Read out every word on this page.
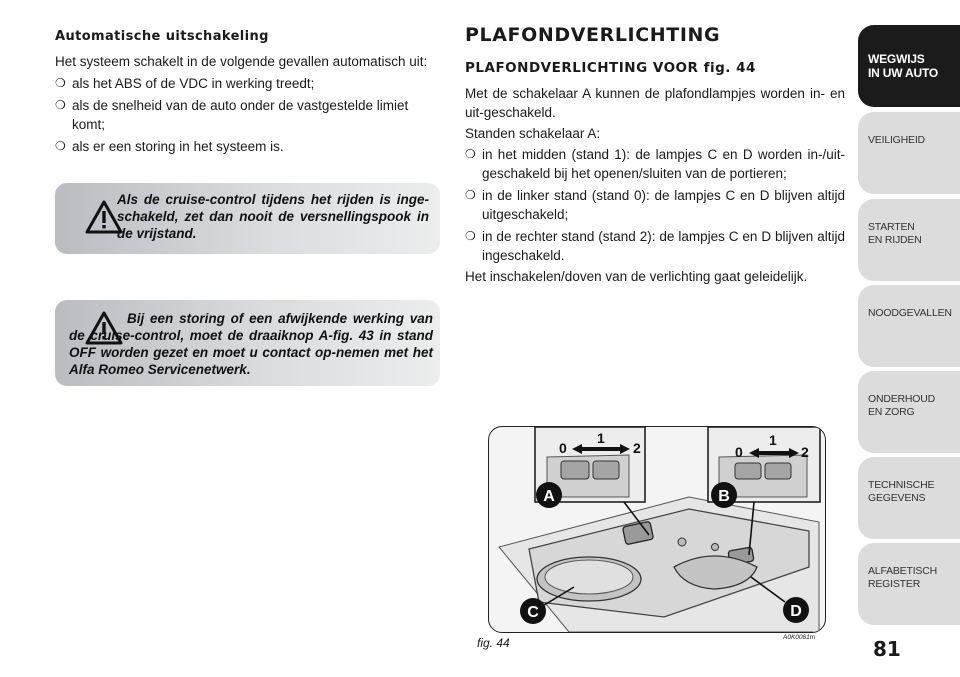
Automatische uitschakeling

Het systeem schakelt in de volgende gevallen automatisch uit:

❍ als het ABS of de VDC in werking treedt;
❍ als de snelheid van de auto onder de vastgestelde limiet komt;
❍ als er een storing in het systeem is.
Als de cruise-control tijdens het rijden is inge-schakeld, zet dan nooit de versnellingspook in de vrijstand.
Bij een storing of een afwijkende werking van de cruise-control, moet de draaiknop A-fig. 43 in stand OFF worden gezet en moet u contact op-nemen met het Alfa Romeo Servicenetwerk.

PLAFONDVERLICHTING

PLAFONDVERLICHTING VOOR fig. 44

Met de schakelaar A kunnen de plafondlampjes worden in- en uit-geschakeld.

Standen schakelaar A:

❍ in het midden (stand 1): de lampjes C en D worden in-/uit-geschakeld bij het openen/sluiten van de portieren;
❍ in de linker stand (stand 0): de lampjes C en D blijven altijd uitgeschakeld;
❍ in de rechter stand (stand 2): de lampjes C en D blijven altijd ingeschakeld.

Het inschakelen/doven van de verlichting gaat geleidelijk.

0
1
2	0
1
2
A	B
C	D
fig. 44	A0K0061m
WEGWIJS
IN UW AUTO
VEILIGHEID
STARTEN
EN RIJDEN
NOODGEVALLEN
ONDERHOUD
EN ZORG
TECHNISCHE
GEGEVENS
ALFABETISCH
REGISTER
81
